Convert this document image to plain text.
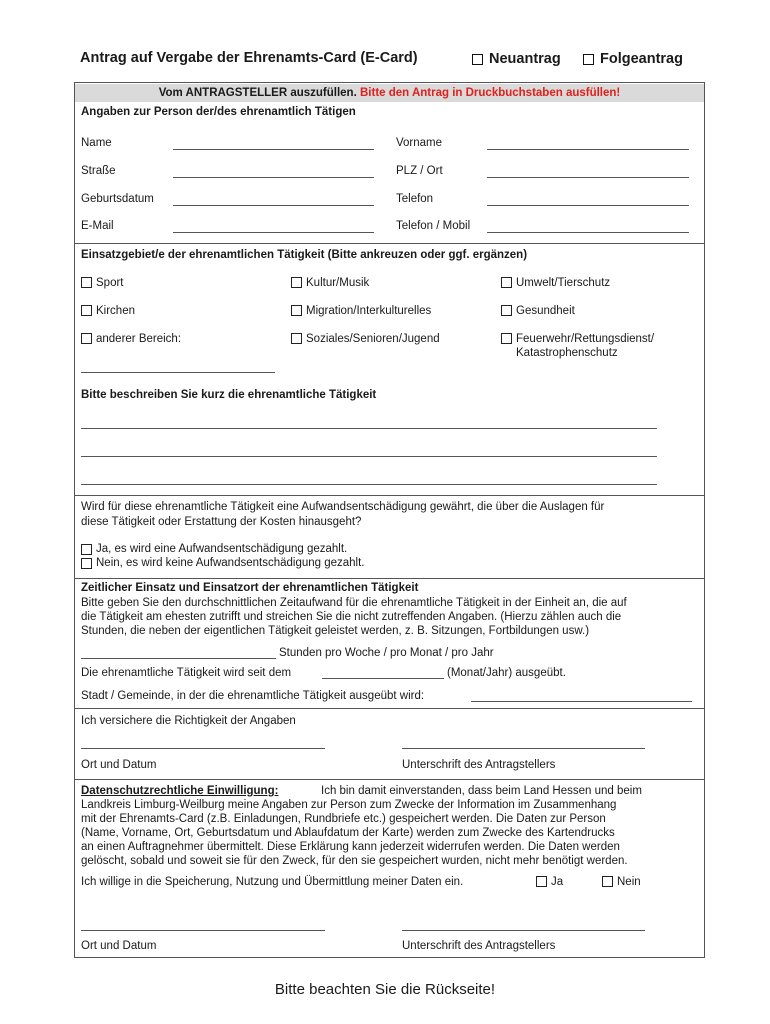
Antrag auf Vergabe der Ehrenamts-Card (E-Card)	Neuantrag	Folgeantrag
Vom ANTRAGSTELLER auszufüllen. Bitte den Antrag in Druckbuchstaben ausfüllen!
Angaben zur Person der/des ehrenamtlich Tätigen
Name	Vorname
Straße	PLZ / Ort
Geburtsdatum	Telefon
E-Mail	Telefon / Mobil
Einsatzgebiet/e der ehrenamtlichen Tätigkeit (Bitte ankreuzen oder ggf. ergänzen)
Sport	Kultur/Musik	Umwelt/Tierschutz
Kirchen	Migration/Interkulturelles	Gesundheit
anderer Bereich:	Soziales/Senioren/Jugend	Feuerwehr/Rettungsdienst/
Katastrophenschutz
Bitte beschreiben Sie kurz die ehrenamtliche Tätigkeit
Wird für diese ehrenamtliche Tätigkeit eine Aufwandsentschädigung gewährt, die über die Auslagen für
diese Tätigkeit oder Erstattung der Kosten hinausgeht?
Ja, es wird eine Aufwandsentschädigung gezahlt.
Nein, es wird keine Aufwandsentschädigung gezahlt.
Zeitlicher Einsatz und Einsatzort der ehrenamtlichen Tätigkeit
Bitte geben Sie den durchschnittlichen Zeitaufwand für die ehrenamtliche Tätigkeit in der Einheit an, die auf
die Tätigkeit am ehesten zutrifft und streichen Sie die nicht zutreffenden Angaben. (Hierzu zählen auch die
Stunden, die neben der eigentlichen Tätigkeit geleistet werden, z. B. Sitzungen, Fortbildungen usw.)
Stunden pro Woche / pro Monat / pro Jahr
Die ehrenamtliche Tätigkeit wird seit dem	(Monat/Jahr) ausgeübt.
Stadt / Gemeinde, in der die ehrenamtliche Tätigkeit ausgeübt wird:
Ich versichere die Richtigkeit der Angaben
Ort und Datum	Unterschrift des Antragstellers
Datenschutzrechtliche Einwilligung:	Ich bin damit einverstanden, dass beim Land Hessen und beim
Landkreis Limburg-Weilburg meine Angaben zur Person zum Zwecke der Information im Zusammenhang
mit der Ehrenamts-Card (z.B. Einladungen, Rundbriefe etc.) gespeichert werden. Die Daten zur Person
(Name, Vorname, Ort, Geburtsdatum und Ablaufdatum der Karte) werden zum Zwecke des Kartendrucks
an einen Auftragnehmer übermittelt. Diese Erklärung kann jederzeit widerrufen werden. Die Daten werden
gelöscht, sobald und soweit sie für den Zweck, für den sie gespeichert wurden, nicht mehr benötigt werden.
Ich willige in die Speicherung, Nutzung und Übermittlung meiner Daten ein.	Ja	Nein
Ort und Datum	Unterschrift des Antragstellers
Bitte beachten Sie die Rückseite!
